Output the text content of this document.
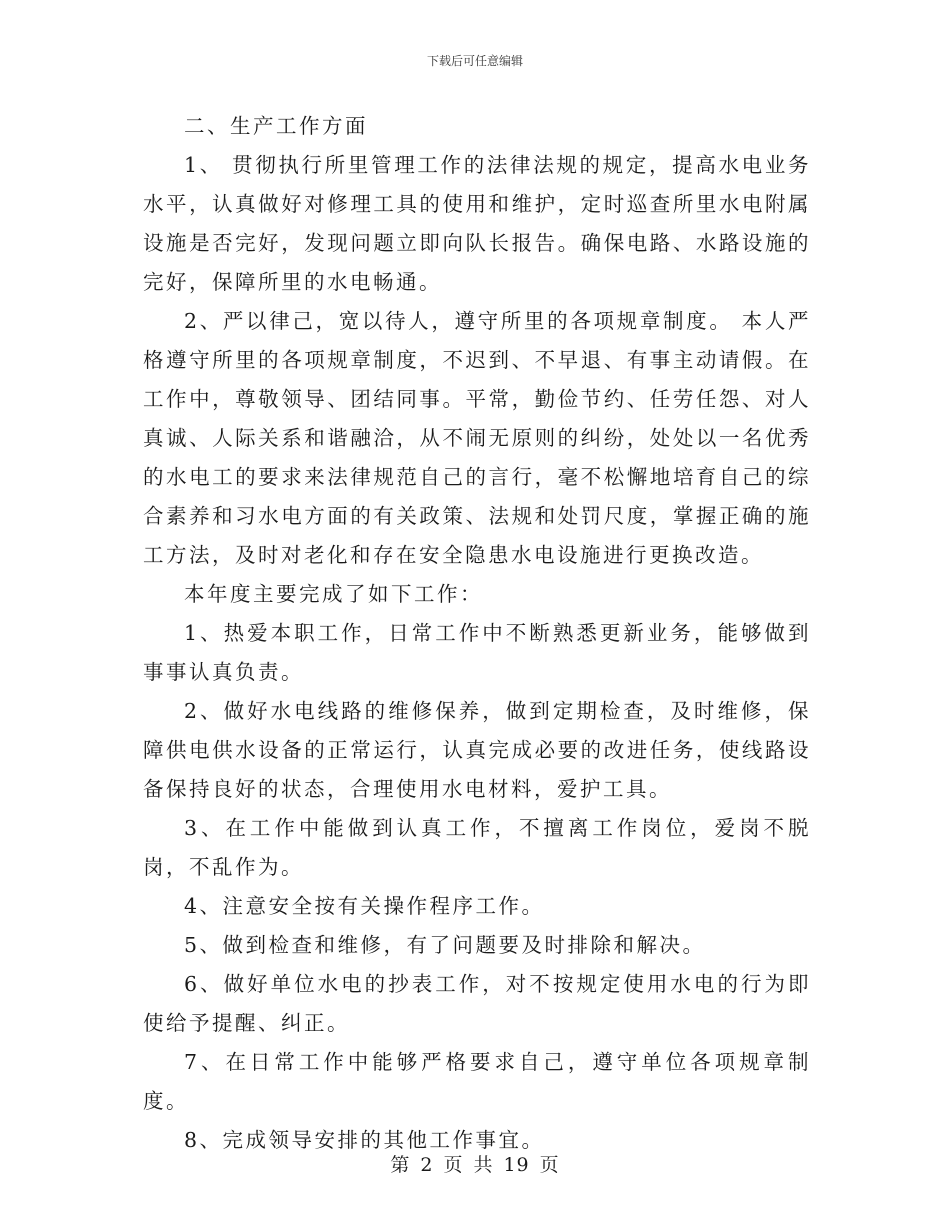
下载后可任意编辑

二、生产工作方面

1、 贯彻执行所里管理工作的法律法规的规定，提高水电业务水平，认真做好对修理工具的使用和维护，定时巡查所里水电附属设施是否完好，发现问题立即向队长报告。确保电路、水路设施的完好，保障所里的水电畅通。

2、严以律己，宽以待人，遵守所里的各项规章制度。 本人严格遵守所里的各项规章制度，不迟到、不早退、有事主动请假。在工作中，尊敬领导、团结同事。平常，勤俭节约、任劳任怨、对人真诚、人际关系和谐融洽，从不闹无原则的纠纷，处处以一名优秀的水电工的要求来法律规范自己的言行，毫不松懈地培育自己的综合素养和习水电方面的有关政策、法规和处罚尺度，掌握正确的施工方法，及时对老化和存在安全隐患水电设施进行更换改造。

本年度主要完成了如下工作：

1、热爱本职工作，日常工作中不断熟悉更新业务，能够做到事事认真负责。

2、做好水电线路的维修保养，做到定期检查，及时维修，保障供电供水设备的正常运行，认真完成必要的改进任务，使线路设备保持良好的状态，合理使用水电材料，爱护工具。

3、在工作中能做到认真工作，不擅离工作岗位，爱岗不脱岗，不乱作为。

4、注意安全按有关操作程序工作。

5、做到检查和维修，有了问题要及时排除和解决。

6、做好单位水电的抄表工作，对不按规定使用水电的行为即使给予提醒、纠正。

7、在日常工作中能够严格要求自己，遵守单位各项规章制度。

8、完成领导安排的其他工作事宜。

第 2 页 共 19 页
